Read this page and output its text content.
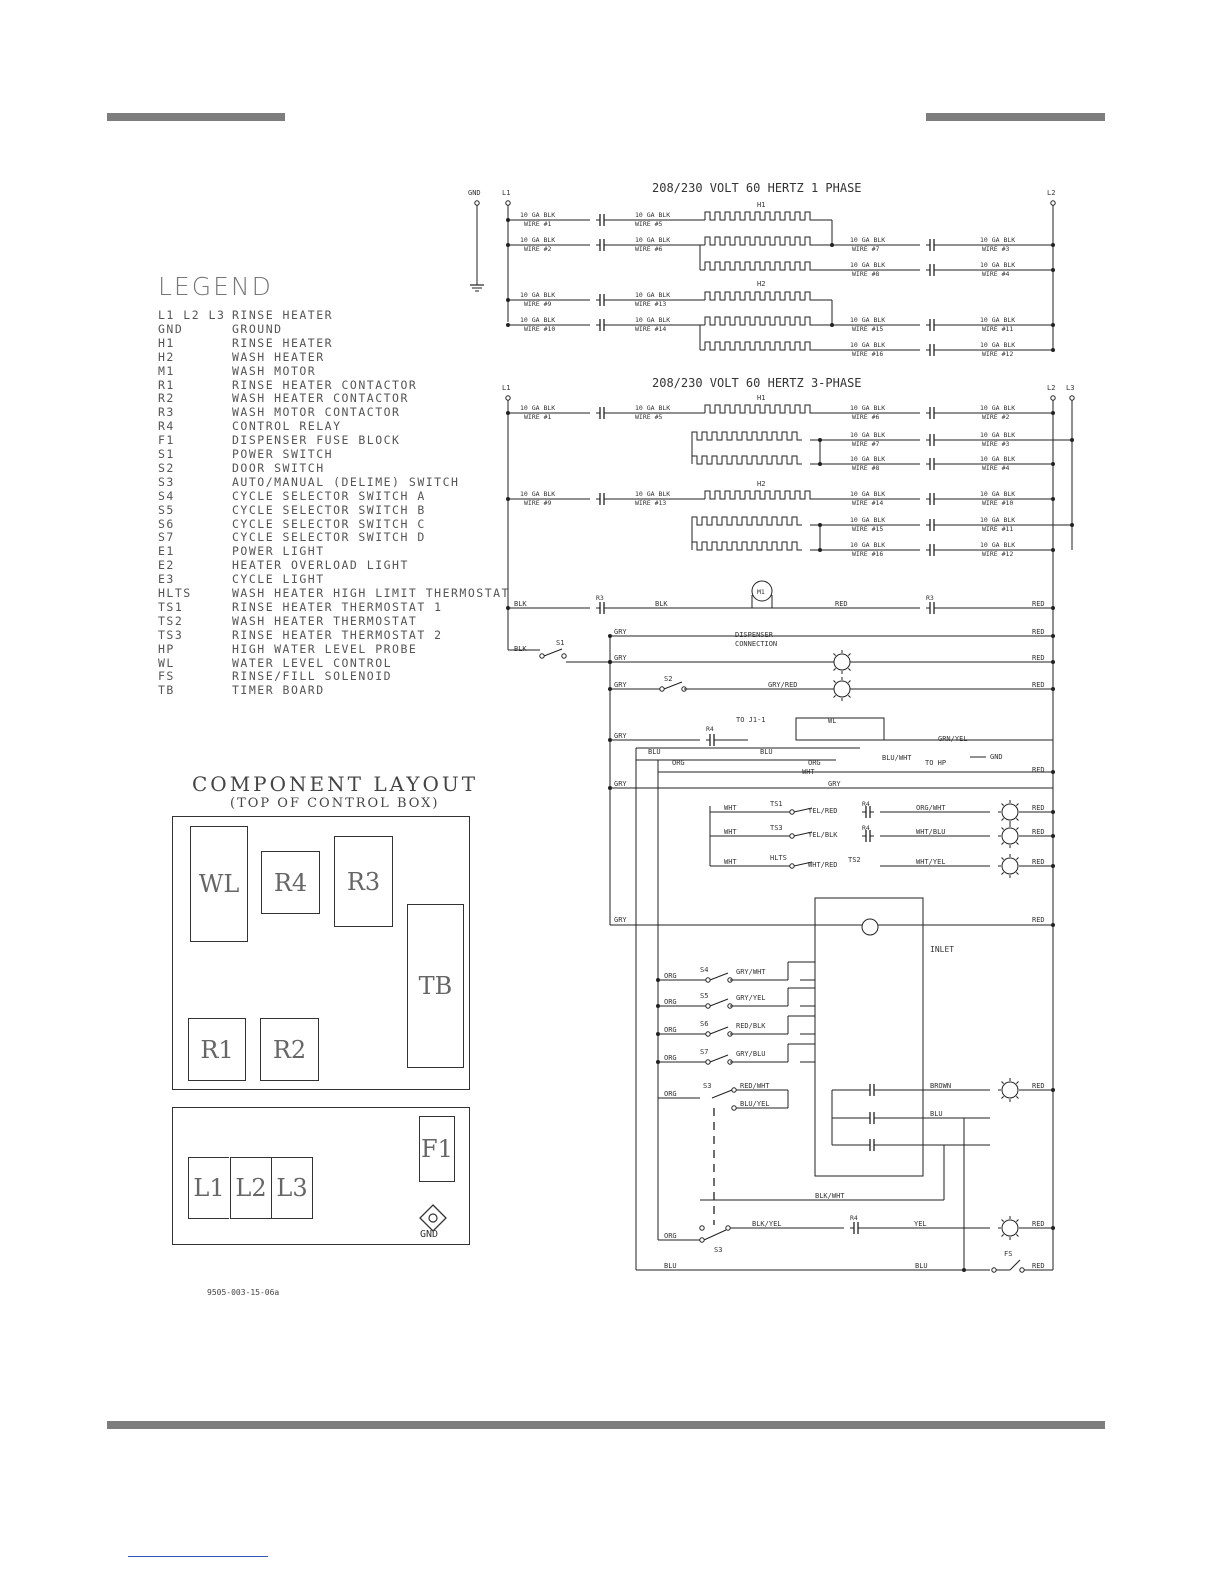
LEGEND
L1 L2 L3 RINSE HEATER
GND	GROUND
H1	RINSE HEATER
H2	WASH HEATER
M1	WASH MOTOR
R1	RINSE HEATER CONTACTOR
R2	WASH HEATER CONTACTOR
R3	WASH MOTOR CONTACTOR
R4	CONTROL RELAY
F1	DISPENSER FUSE BLOCK
S1	POWER SWITCH
S2	DOOR SWITCH
S3	AUTO/MANUAL (DELIME) SWITCH
S4	CYCLE SELECTOR SWITCH A
S5	CYCLE SELECTOR SWITCH B
S6	CYCLE SELECTOR SWITCH C
S7	CYCLE SELECTOR SWITCH D
E1	POWER LIGHT
E2	HEATER OVERLOAD LIGHT
E3	CYCLE LIGHT
HLTS	WASH HEATER HIGH LIMIT THERMOSTAT
TS1	RINSE HEATER THERMOSTAT 1
TS2	WASH HEATER THERMOSTAT
TS3	RINSE HEATER THERMOSTAT 2
HP	HIGH WATER LEVEL PROBE
WL	WATER LEVEL CONTROL
FS	RINSE/FILL SOLENOID
TB	TIMER BOARD
COMPONENT LAYOUT
(TOP OF CONTROL BOX)
WL	R4	R3
TB
R1	R2
F1
L1 L2 L3
GND
9505-003-15-06a
208/230 VOLT 60 HERTZ 1 PHASE
GND	L1	L2
10 GA BLK
WIRE #1
10 GA BLK
WIRE #5
10 GA BLK
WIRE #2
10 GA BLK
WIRE #6
10 GA BLK
WIRE #9
10 GA BLK
WIRE #13
10 GA BLK
WIRE #10
10 GA BLK
WIRE #14
H1
H2
10 GA BLK
WIRE #7
10 GA BLK
WIRE #3
10 GA BLK
WIRE #8
10 GA BLK
WIRE #4
10 GA BLK
WIRE #15
10 GA BLK
WIRE #11
10 GA BLK
WIRE #16
10 GA BLK
WIRE #12
208/230 VOLT 60 HERTZ 3-PHASE
L1	L2 L3
H1
H2
10 GA BLK
WIRE #1
10 GA BLK
WIRE #5
10 GA BLK
WIRE #6
10 GA BLK
WIRE #2
10 GA BLK
WIRE #7
10 GA BLK
WIRE #3
10 GA BLK
WIRE #8
10 GA BLK
WIRE #4
10 GA BLK
WIRE #9
10 GA BLK
WIRE #13
10 GA BLK
WIRE #14
10 GA BLK
WIRE #10
10 GA BLK
WIRE #15
10 GA BLK
WIRE #11
10 GA BLK
WIRE #16
10 GA BLK
WIRE #12
BLK
R3
BLK
M1
RED
R3
RED
S1
BLK
GRY	DISPENSER
CONNECTION
RED
GRY	RED
S2
GRY	GRY/RED	RED
R4
GRY
TO J1-1	WL
GRN/YEL
GND
BLU/WHT
TO HP
BLU	BLU
ORG	ORG
WHT	RED
GRY	GRY
WHT	TS1
YEL/RED
R4	ORG/WHT	RED
WHT	TS3
YEL/BLK
R4	WHT/BLU	RED
WHT	HLTS
WHT/RED	WHT/YEL	RED
TS2
GRY	RED
INLET
ORG
S4	GRY/WHT
ORG
S5	GRY/YEL
ORG
S6	RED/BLK
ORG
S7	GRY/BLU
ORG
S3	RED/WHT
BLU/YEL
BROWN
BLU
RED
BLK/WHT
ORG
S3
BLK/YEL
R4
YEL	RED
BLU	BLU
FS
RED
